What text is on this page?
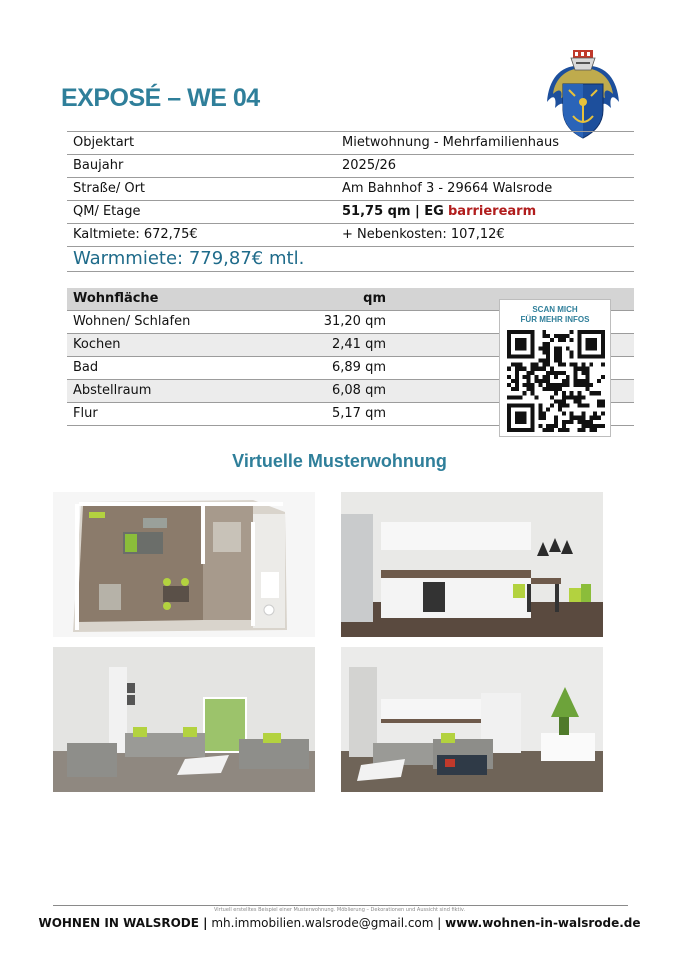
EXPOSÉ – WE 04
Objektart	Mietwohnung - Mehrfamilienhaus
Baujahr	2025/26
Straße/ Ort	Am Bahnhof 3 - 29664 Walsrode
QM/ Etage	51,75 qm | EG barrierearm
Kaltmiete: 672,75€	+ Nebenkosten: 107,12€
Warmmiete: 779,87€ mtl.
Wohnfläche	qm	
Wohnen/ Schlafen	31,20 qm	
Kochen	2,41 qm	
Bad	6,89 qm	
Abstellraum	6,08 qm	
Flur	5,17 qm	
SCAN MICH
FÜR MEHR INFOS
Virtuelle Musterwohnung
Virtuell erstelltes Beispiel einer Musterwohnung. Möblierung – Dekorationen und Aussicht sind fiktiv.
WOHNEN IN WALSRODE | mh.immobilien.walsrode@gmail.com | www.wohnen-in-walsrode.de
